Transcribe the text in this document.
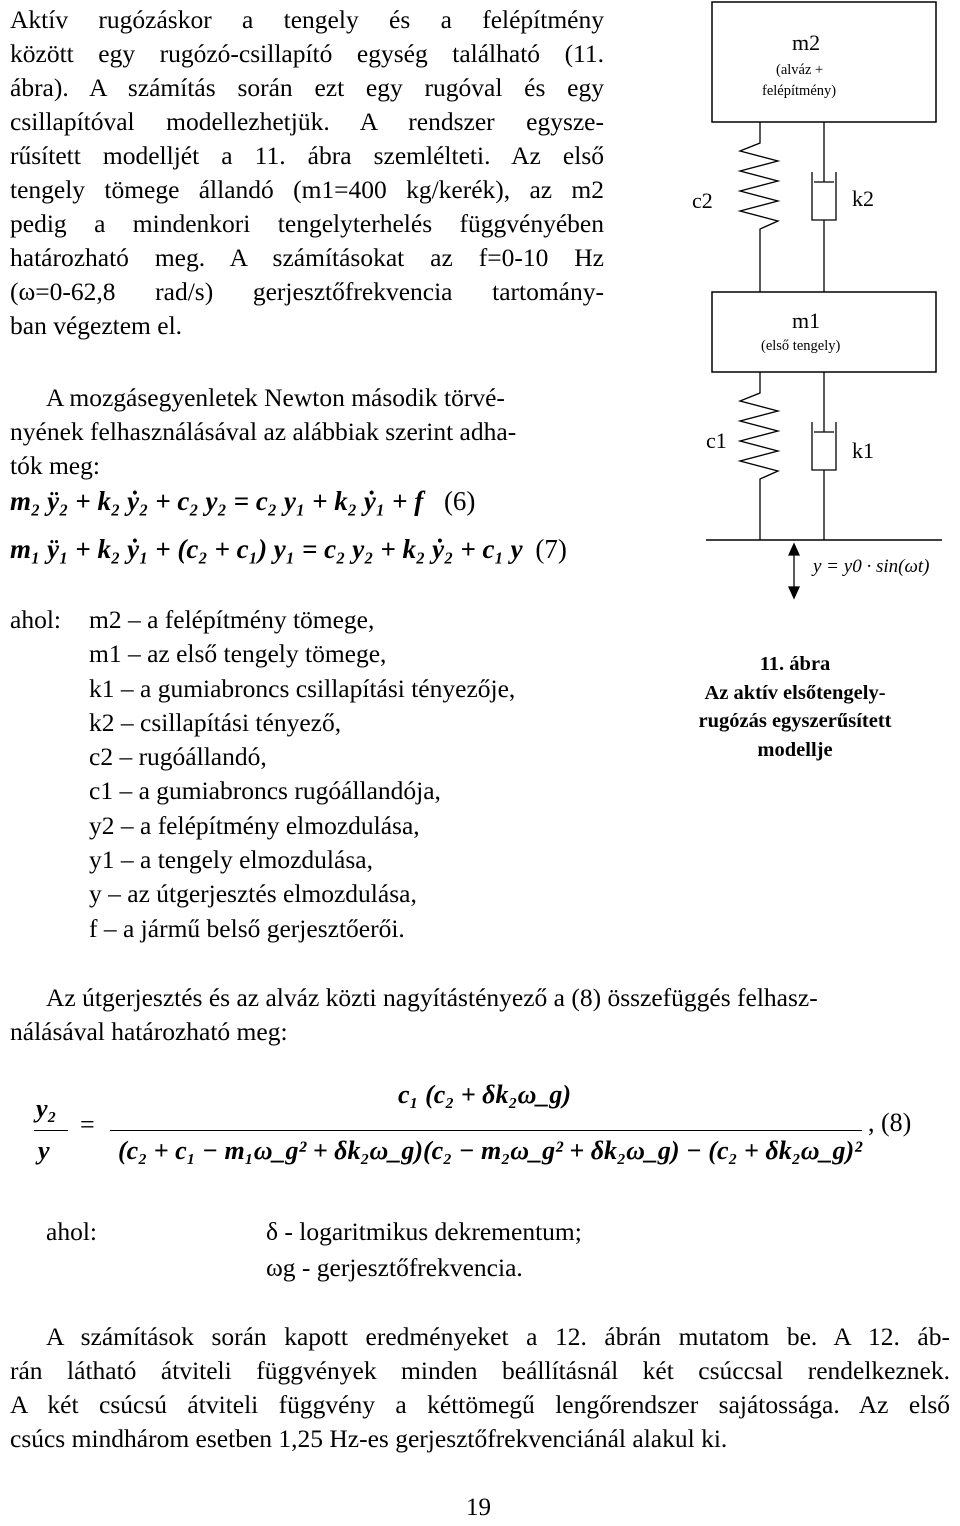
Aktív rugózáskor a tengely és a felépítmény
között egy rugózó-csillapító egység található (11.
ábra). A számítás során ezt egy rugóval és egy
csillapítóval modellezhetjük. A rendszer egysze-
rűsített modelljét a 11. ábra szemlélteti. Az első
tengely tömege állandó (m1=400 kg/kerék), az m2
pedig a mindenkori tengelyterhelés függvényében
határozható meg. A számításokat az f=0-10 Hz
(ω=0-62,8 rad/s) gerjesztőfrekvencia tartomány-
ban végeztem el.
A mozgásegyenletek Newton második törvé-
nyének felhasználásával az alábbiak szerint adha-
tók meg:
m₂ ÿ₂ + k₂ ẏ₂ + c₂ y₂ = c₂ y₁ + k₂ ẏ₁ + f (6)
m₁ ÿ₁ + k₂ ẏ₁ + (c₂ + c₁) y₁ = c₂ y₂ + k₂ ẏ₂ + c₁ y (7)
ahol: m2 – a felépítmény tömege,
m1 – az első tengely tömege,
k1 – a gumiabroncs csillapítási tényezője,
k2 – csillapítási tényező,
c2 – rugóállandó,
c1 – a gumiabroncs rugóállandója,
y2 – a felépítmény elmozdulása,
y1 – a tengely elmozdulása,
y – az útgerjesztés elmozdulása,
f – a jármű belső gerjesztőerői.
m2
(alváz +
felépítmény)
c2	k2
m1
(első tengely)
c1	k1
y = y0 · sin(ωt)
11. ábra
Az aktív elsőtengely-
rugózás egyszerűsített
modellje
Az útgerjesztés és az alváz közti nagyítástényező a (8) összefüggés felhasz-
nálásával határozható meg:
y₂
y
=
c₁ (c₂ + δk₂ω_g)
(c₂ + c₁ − m₁ω_g² + δk₂ω_g)(c₂ − m₂ω_g² + δk₂ω_g) − (c₂ + δk₂ω_g)²
, (8)
ahol:	δ - logaritmikus dekrementum;
ωg - gerjesztőfrekvencia.
A számítások során kapott eredményeket a 12. ábrán mutatom be. A 12. áb-
rán látható átviteli függvények minden beállításnál két csúccsal rendelkeznek.
A két csúcsú átviteli függvény a kéttömegű lengőrendszer sajátossága. Az első
csúcs mindhárom esetben 1,25 Hz-es gerjesztőfrekvenciánál alakul ki.
19
